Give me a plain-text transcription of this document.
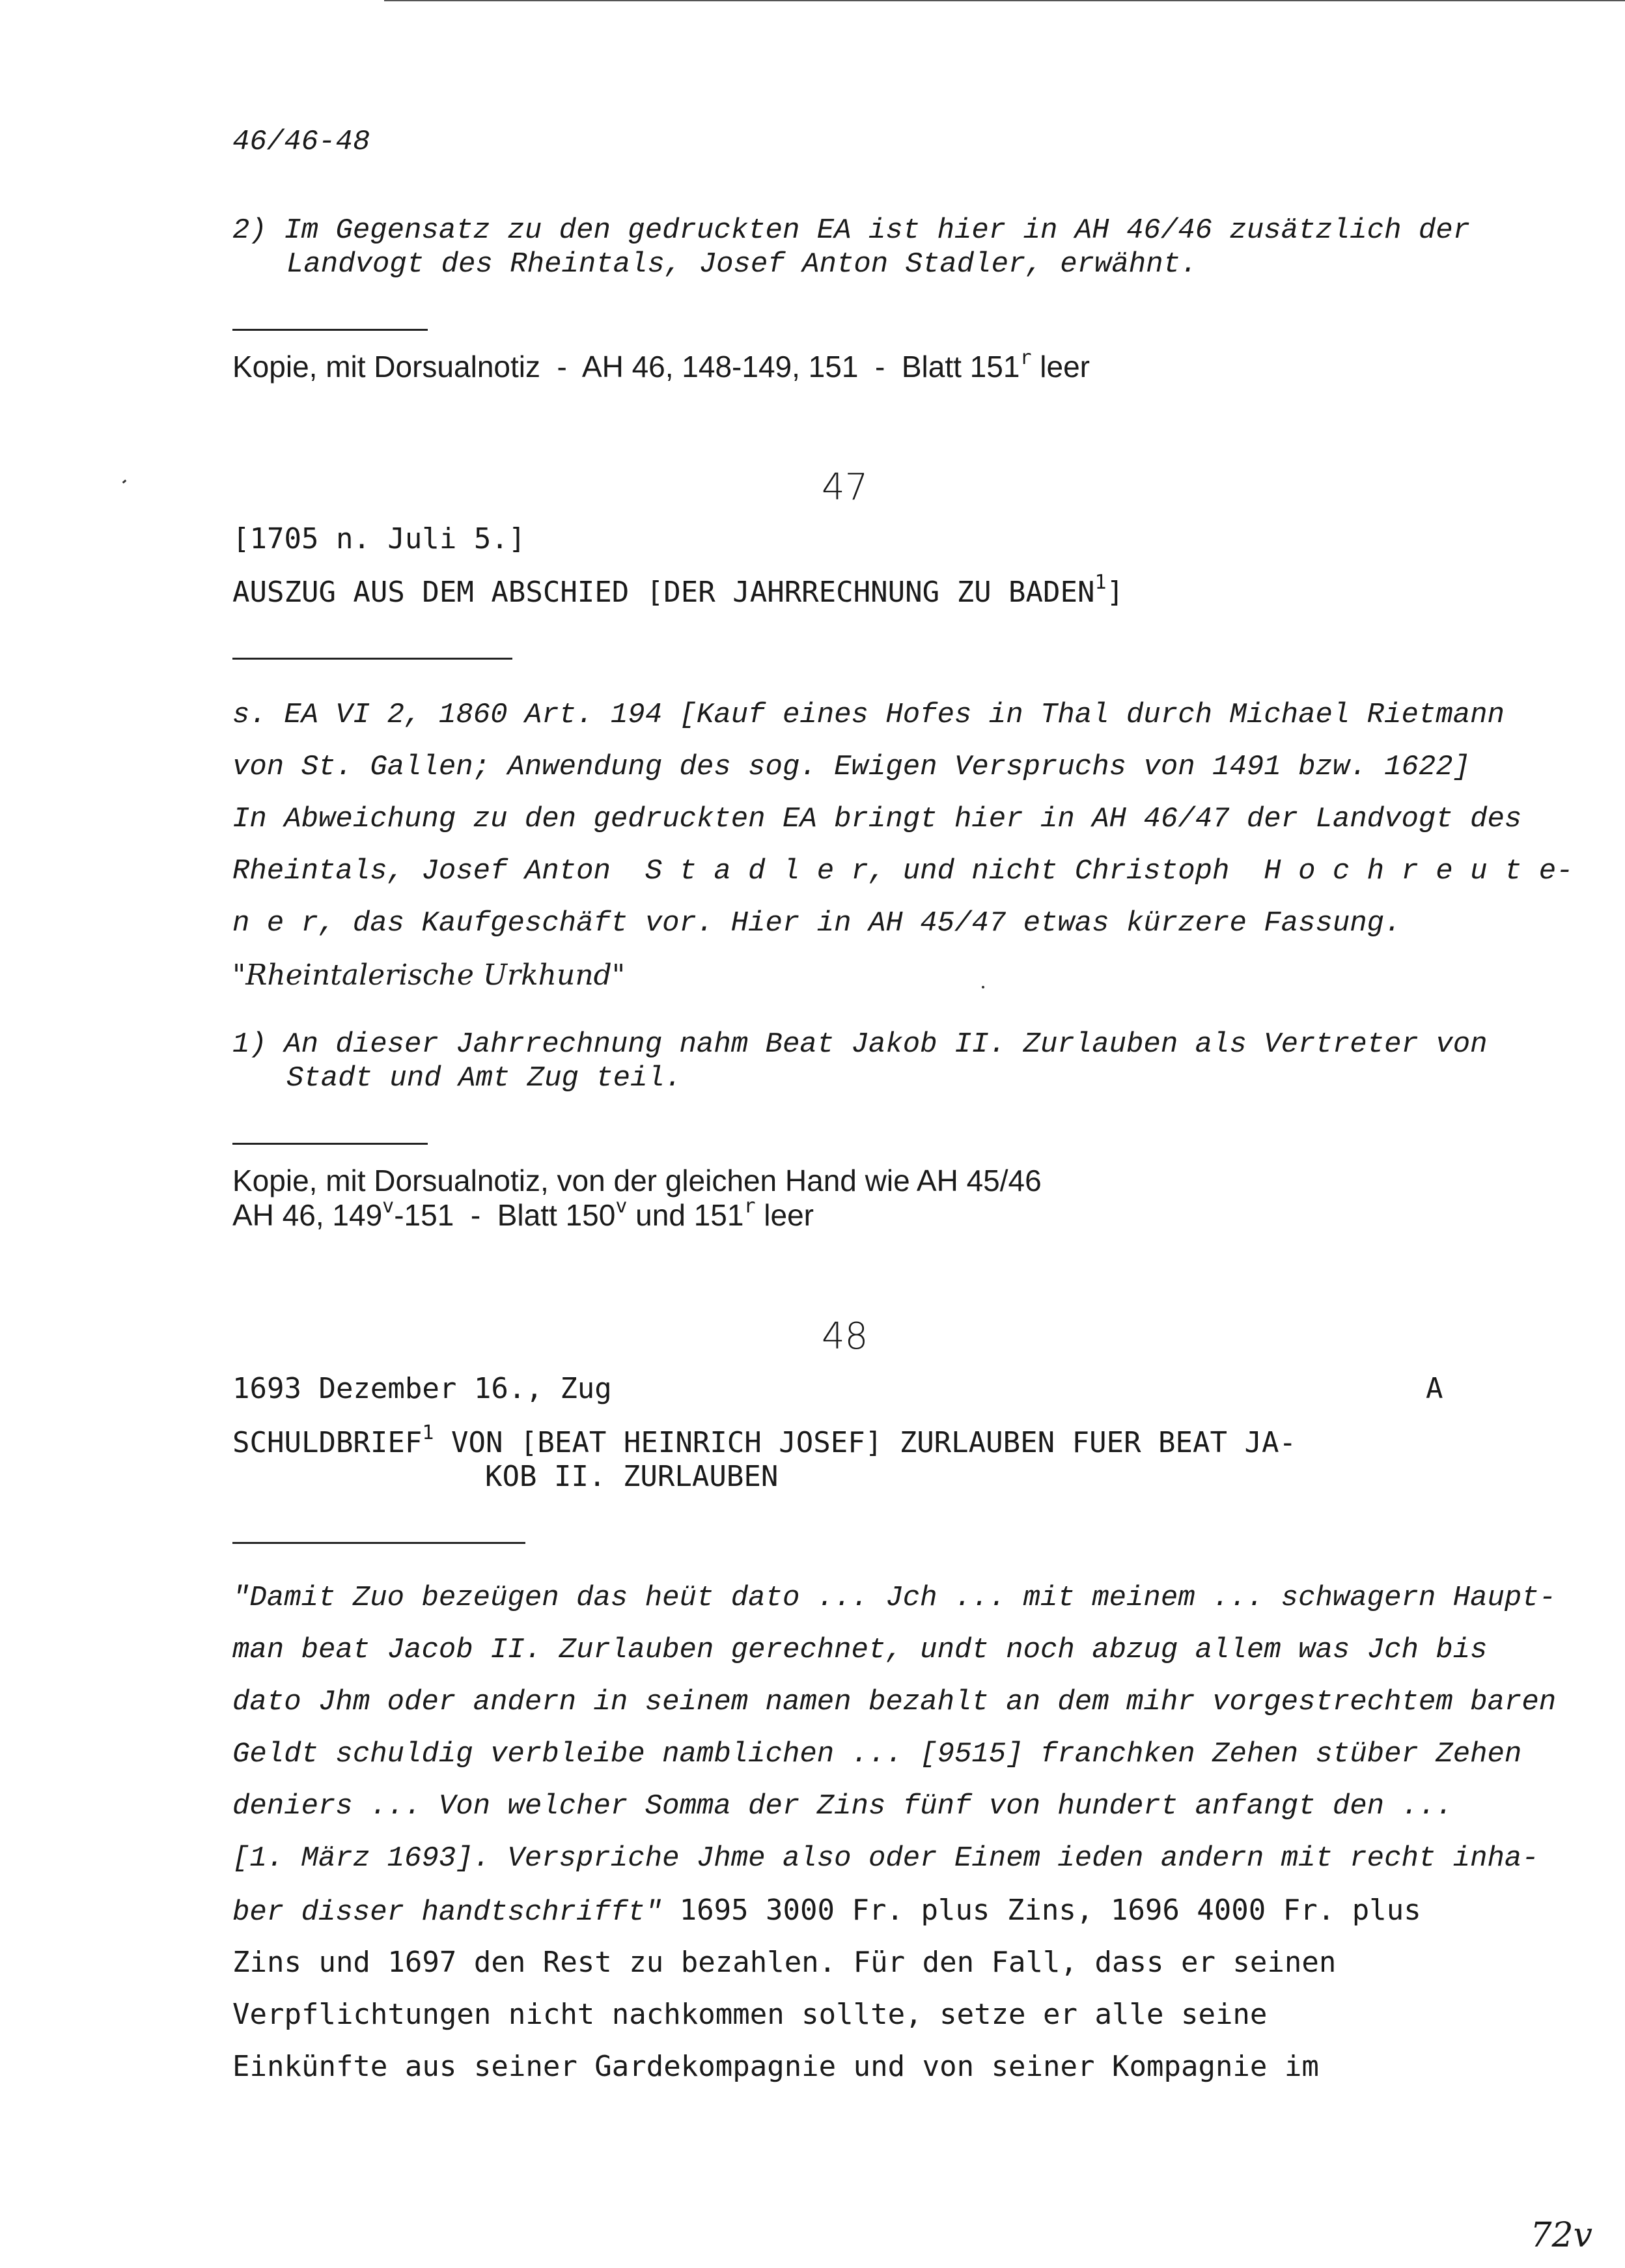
46/46-48
2) Im Gegensatz zu den gedruckten EA ist hier in AH 46/46 zusätzlich der
Landvogt des Rheintals, Josef Anton Stadler, erwähnt.
Kopie, mit Dorsualnotiz  -  AH 46, 148-149, 151  -  Blatt 151$^r$ leer
47
[1705 n. Juli 5.]
AUSZUG AUS DEM ABSCHIED [DER JAHRRECHNUNG ZU BADEN$^1$]
s. EA VI 2, 1860 Art. 194 [Kauf eines Hofes in Thal durch Michael Rietmann
von St. Gallen; Anwendung des sog. Ewigen Verspruchs von 1491 bzw. 1622]
In Abweichung zu den gedruckten EA bringt hier in AH 46/47 der Landvogt des
Rheintals, Josef Anton  S t a d l e r, und nicht Christoph  H o c h r e u t e-
n e r, das Kaufgeschäft vor. Hier in AH 45/47 etwas kürzere Fassung.
"Rheintalerische Urkhund"
1) An dieser Jahrrechnung nahm Beat Jakob II. Zurlauben als Vertreter von
Stadt und Amt Zug teil.
Kopie, mit Dorsualnotiz, von der gleichen Hand wie AH 45/46
AH 46, 149$^v$-151  -  Blatt 150$^v$ und 151$^r$ leer
48
1693 Dezember 16., Zug	A
SCHULDBRIEF$^1$ VON [BEAT HEINRICH JOSEF] ZURLAUBEN FUER BEAT JA-
KOB II. ZURLAUBEN
"Damit Zuo bezeügen das heüt dato ... Jch ... mit meinem ... schwagern Haupt-
man beat Jacob II. Zurlauben gerechnet, undt noch abzug allem was Jch bis
dato Jhm oder andern in seinem namen bezahlt an dem mihr vorgestrechtem baren
Geldt schuldig verbleibe namblichen ... [9515] franchken Zehen stüber Zehen
deniers ... Von welcher Somma der Zins fünf von hundert anfangt den ...
[1. März 1693]. Verspriche Jhme also oder Einem ieden andern mit recht inha-
ber disser handtschrifft" 1695 3000 Fr. plus Zins, 1696 4000 Fr. plus
Zins und 1697 den Rest zu bezahlen. Für den Fall, dass er seinen
Verpflichtungen nicht nachkommen sollte, setze er alle seine
Einkünfte aus seiner Gardekompagnie und von seiner Kompagnie im
72v
